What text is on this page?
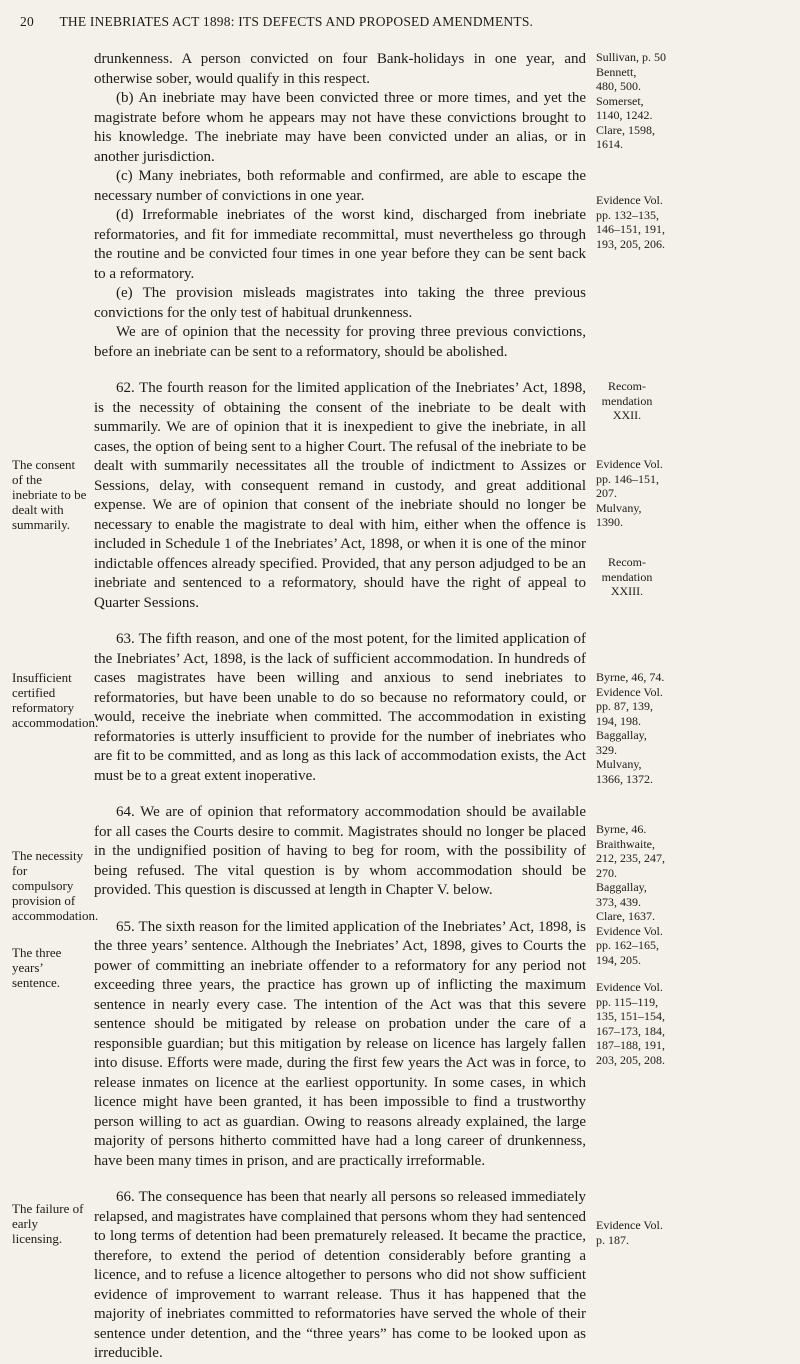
20 THE INEBRIATES ACT 1898: ITS DEFECTS AND PROPOSED AMENDMENTS.

drunkenness. A person convicted on four Bank-holidays in one year, and otherwise sober, would qualify in this respect.

(b) An inebriate may have been convicted three or more times, and yet the magistrate before whom he appears may not have these convictions brought to his knowledge. The inebriate may have been convicted under an alias, or in another jurisdiction.

(c) Many inebriates, both reformable and confirmed, are able to escape the necessary number of convictions in one year.

(d) Irreformable inebriates of the worst kind, discharged from inebriate reformatories, and fit for immediate recommittal, must nevertheless go through the routine and be convicted four times in one year before they can be sent back to a reformatory.

(e) The provision misleads magistrates into taking the three previous convictions for the only test of habitual drunkenness.

We are of opinion that the necessity for proving three previous convictions, before an inebriate can be sent to a reformatory, should be abolished.

62. The fourth reason for the limited application of the Inebriates’ Act, 1898, is the necessity of obtaining the consent of the inebriate to be dealt with summarily. We are of opinion that it is inexpedient to give the inebriate, in all cases, the option of being sent to a higher Court. The refusal of the inebriate to be dealt with summarily necessitates all the trouble of indictment to Assizes or Sessions, delay, with consequent remand in custody, and great additional expense. We are of opinion that consent of the inebriate should no longer be necessary to enable the magistrate to deal with him, either when the offence is included in Schedule 1 of the Inebriates’ Act, 1898, or when it is one of the minor indictable offences already specified. Provided, that any person adjudged to be an inebriate and sentenced to a reformatory, should have the right of appeal to Quarter Sessions.

63. The fifth reason, and one of the most potent, for the limited application of the Inebriates’ Act, 1898, is the lack of sufficient accommodation. In hundreds of cases magistrates have been willing and anxious to send inebriates to reformatories, but have been unable to do so because no reformatory could, or would, receive the inebriate when committed. The accommodation in existing reformatories is utterly insufficient to provide for the number of inebriates who are fit to be committed, and as long as this lack of accommodation exists, the Act must be to a great extent inoperative.

64. We are of opinion that reformatory accommodation should be available for all cases the Courts desire to commit. Magistrates should no longer be placed in the undignified position of having to beg for room, with the possibility of being refused. The vital question is by whom accommodation should be provided. This question is discussed at length in Chapter V. below.

65. The sixth reason for the limited application of the Inebriates’ Act, 1898, is the three years’ sentence. Although the Inebriates’ Act, 1898, gives to Courts the power of committing an inebriate offender to a reformatory for any period not exceeding three years, the practice has grown up of inflicting the maximum sentence in nearly every case. The intention of the Act was that this severe sentence should be mitigated by release on probation under the care of a responsible guardian; but this mitigation by release on licence has largely fallen into disuse. Efforts were made, during the first few years the Act was in force, to release inmates on licence at the earliest opportunity. In some cases, in which licence might have been granted, it has been impossible to find a trustworthy person willing to act as guardian. Owing to reasons already explained, the large majority of persons hitherto committed have had a long career of drunkenness, have been many times in prison, and are practically irreformable.

66. The consequence has been that nearly all persons so released immediately relapsed, and magistrates have complained that persons whom they had sentenced to long terms of detention had been prematurely released. It became the practice, therefore, to extend the period of detention considerably before granting a licence, and to refuse a licence altogether to persons who did not show sufficient evidence of improvement to warrant release. Thus it has happened that the majority of inebriates committed to reformatories have served the whole of their sentence under detention, and the “three years” has come to be looked upon as irreducible.

The consent of the inebriate to be dealt with summarily.
Insufficient certified reformatory accommodation.
The necessity for compulsory provision of accommodation.
The three years’ sentence.
The failure of early licensing.
Sullivan, p. 50
Bennett,
480, 500.
Somerset,
1140, 1242.
Clare, 1598,
1614.
Evidence Vol.
pp. 132–135,
146–151, 191,
193, 205, 206.
Recom-
mendation
XXII.
Evidence Vol.
pp. 146–151,
207.
Mulvany,
1390.
Recom-
mendation
XXIII.
Byrne, 46, 74.
Evidence Vol.
pp. 87, 139,
194, 198.
Baggallay,
329.
Mulvany,
1366, 1372.
Byrne, 46.
Braithwaite,
212, 235, 247,
270.
Baggallay,
373, 439.
Clare, 1637.
Evidence Vol.
pp. 162–165,
194, 205.
Evidence Vol.
pp. 115–119,
135, 151–154,
167–173, 184,
187–188, 191,
203, 205, 208.
Evidence Vol.
p. 187.
